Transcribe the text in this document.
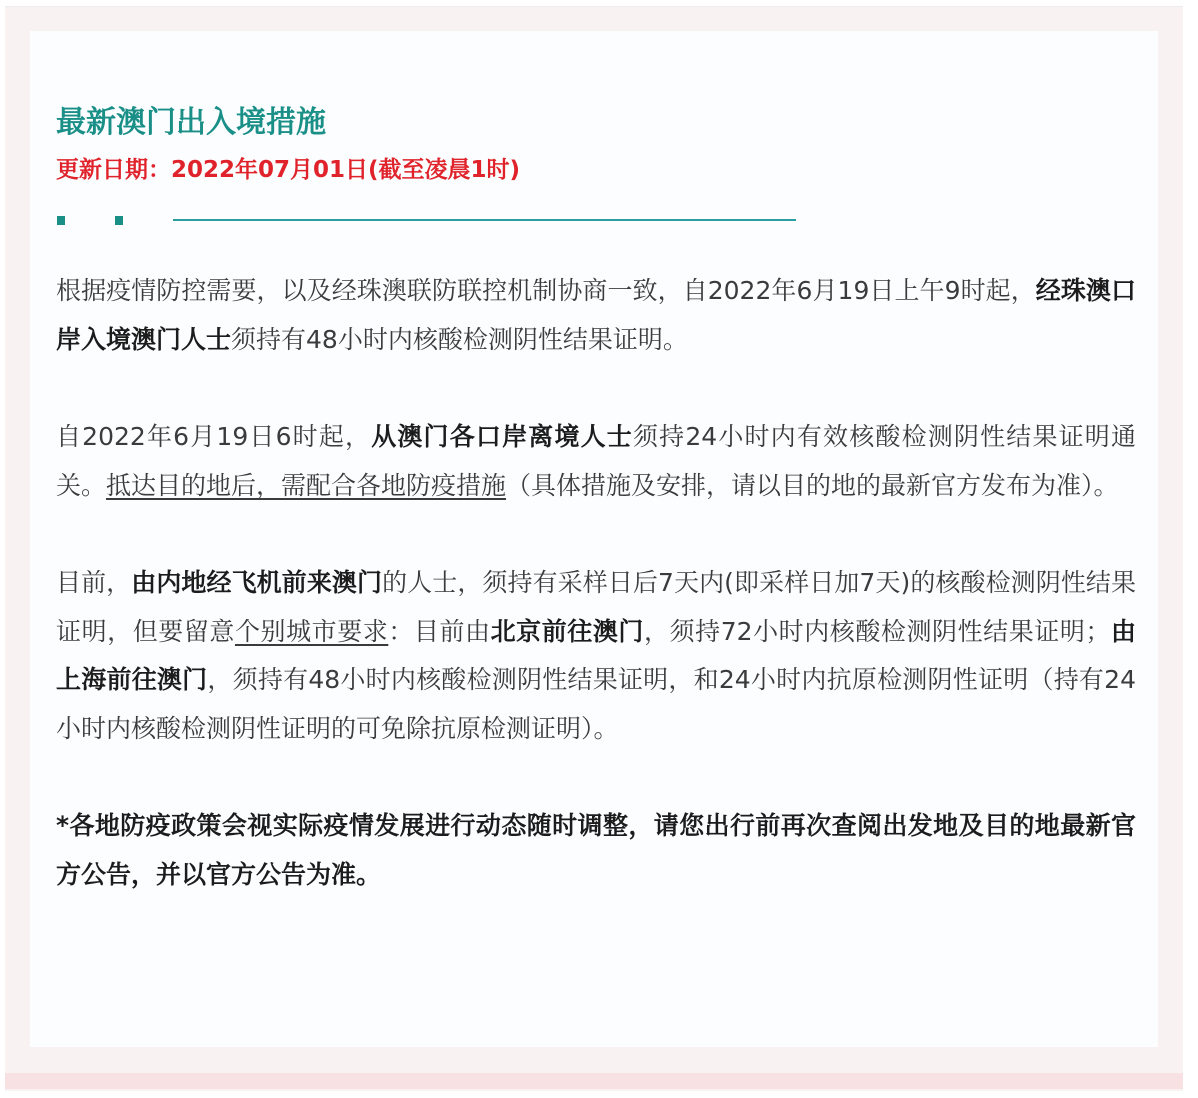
最新澳门出入境措施
更新日期：2022年07月01日(截至凌晨1时)

根据疫情防控需要，以及经珠澳联防联控机制协商一致，自2022年6月19日上午9时起，经珠澳口岸入境澳门人士须持有48小时内核酸检测阴性结果证明。

自2022年6月19日6时起，从澳门各口岸离境人士须持24小时内有效核酸检测阴性结果证明通关。抵达目的地后，需配合各地防疫措施（具体措施及安排，请以目的地的最新官方发布为准）。

目前，由内地经飞机前来澳门的人士，须持有采样日后7天内(即采样日加7天)的核酸检测阴性结果证明，但要留意个别城市要求：目前由北京前往澳门，须持72小时内核酸检测阴性结果证明；由上海前往澳门，须持有48小时内核酸检测阴性结果证明，和24小时内抗原检测阴性证明（持有24小时内核酸检测阴性证明的可免除抗原检测证明）。

*各地防疫政策会视实际疫情发展进行动态随时调整，请您出行前再次查阅出发地及目的地最新官方公告，并以官方公告为准。
